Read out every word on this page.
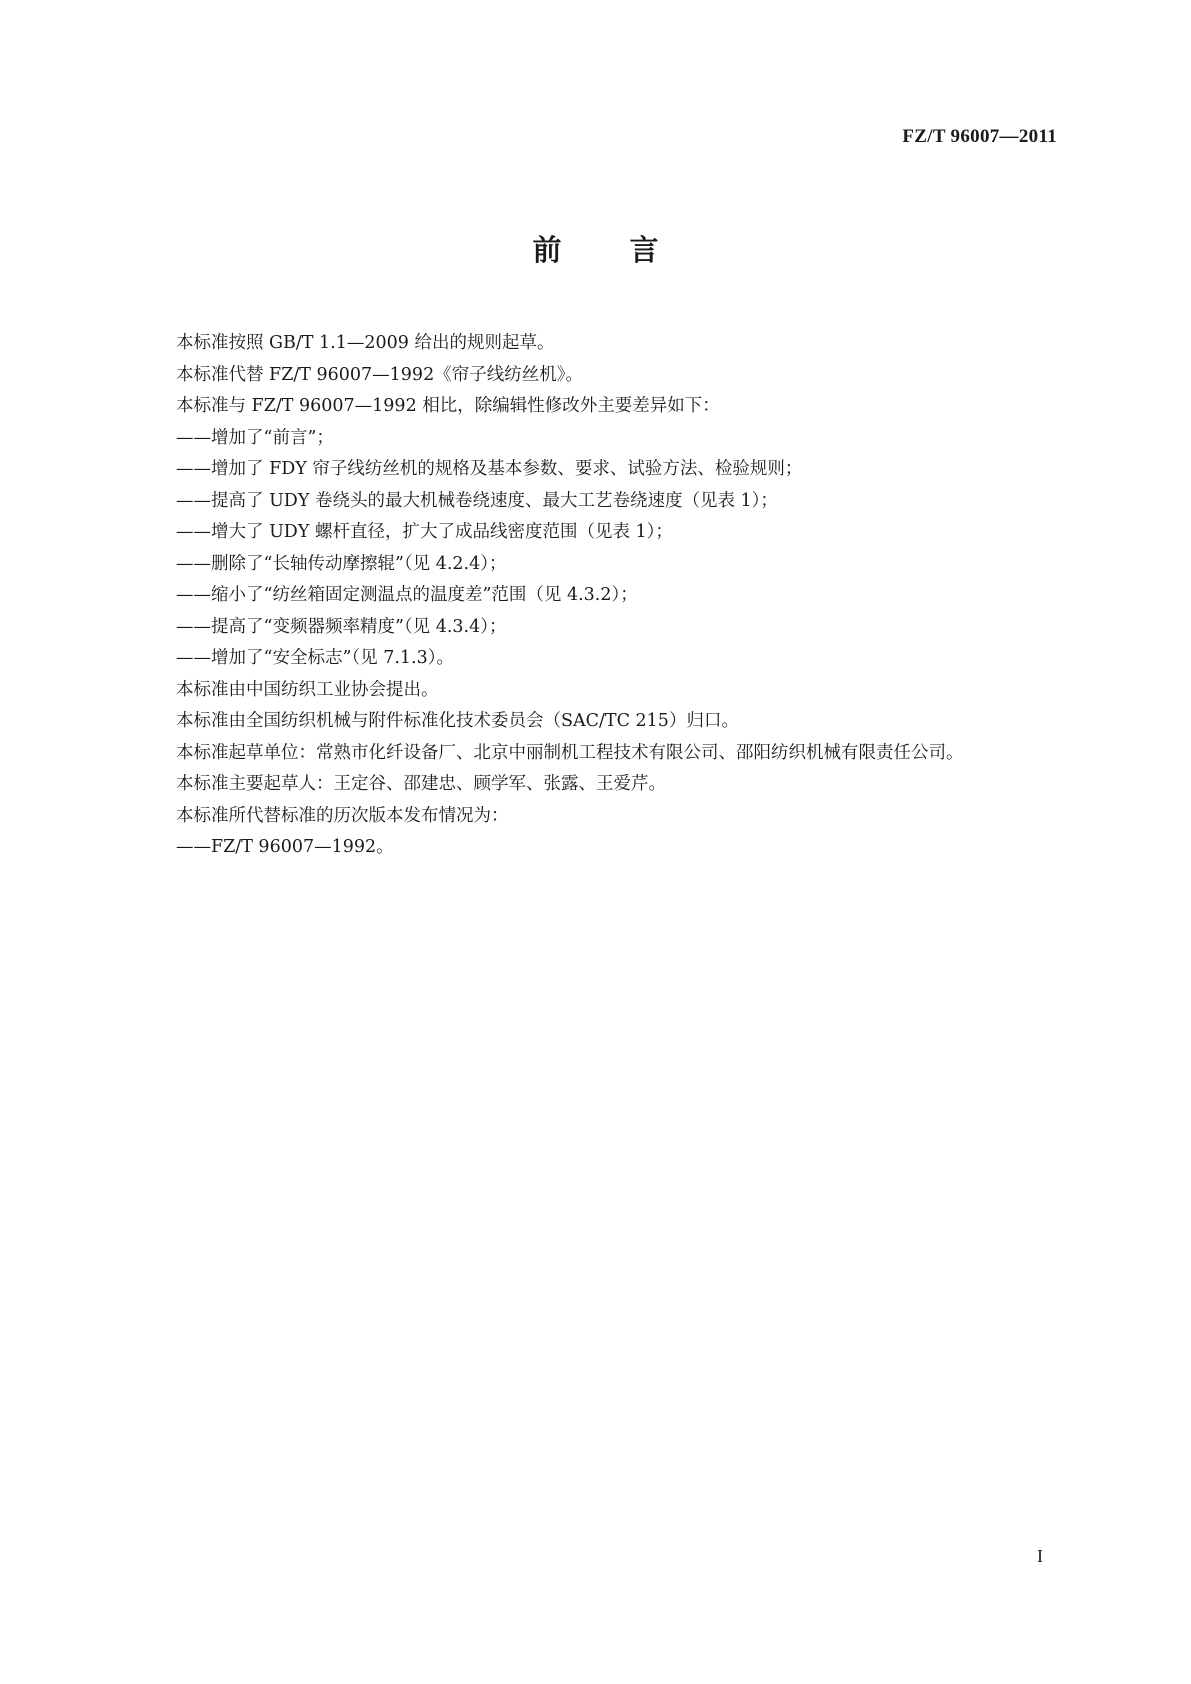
FZ/T 96007—2011
前言

本标准按照 GB/T 1.1—2009 给出的规则起草。

本标准代替 FZ/T 96007—1992《帘子线纺丝机》。

本标准与 FZ/T 96007—1992 相比，除编辑性修改外主要差异如下：

——增加了“前言”；

——增加了 FDY 帘子线纺丝机的规格及基本参数、要求、试验方法、检验规则；

——提高了 UDY 卷绕头的最大机械卷绕速度、最大工艺卷绕速度（见表 1）；

——增大了 UDY 螺杆直径，扩大了成品线密度范围（见表 1）；

——删除了“长轴传动摩擦辊”（见 4.2.4）；

——缩小了“纺丝箱固定测温点的温度差”范围（见 4.3.2）；

——提高了“变频器频率精度”（见 4.3.4）；

——增加了“安全标志”（见 7.1.3）。

本标准由中国纺织工业协会提出。

本标准由全国纺织机械与附件标准化技术委员会（SAC/TC 215）归口。

本标准起草单位：常熟市化纤设备厂、北京中丽制机工程技术有限公司、邵阳纺织机械有限责任公司。

本标准主要起草人：王定谷、邵建忠、顾学军、张露、王爱芹。

本标准所代替标准的历次版本发布情况为：

——FZ/T 96007—1992。

I
